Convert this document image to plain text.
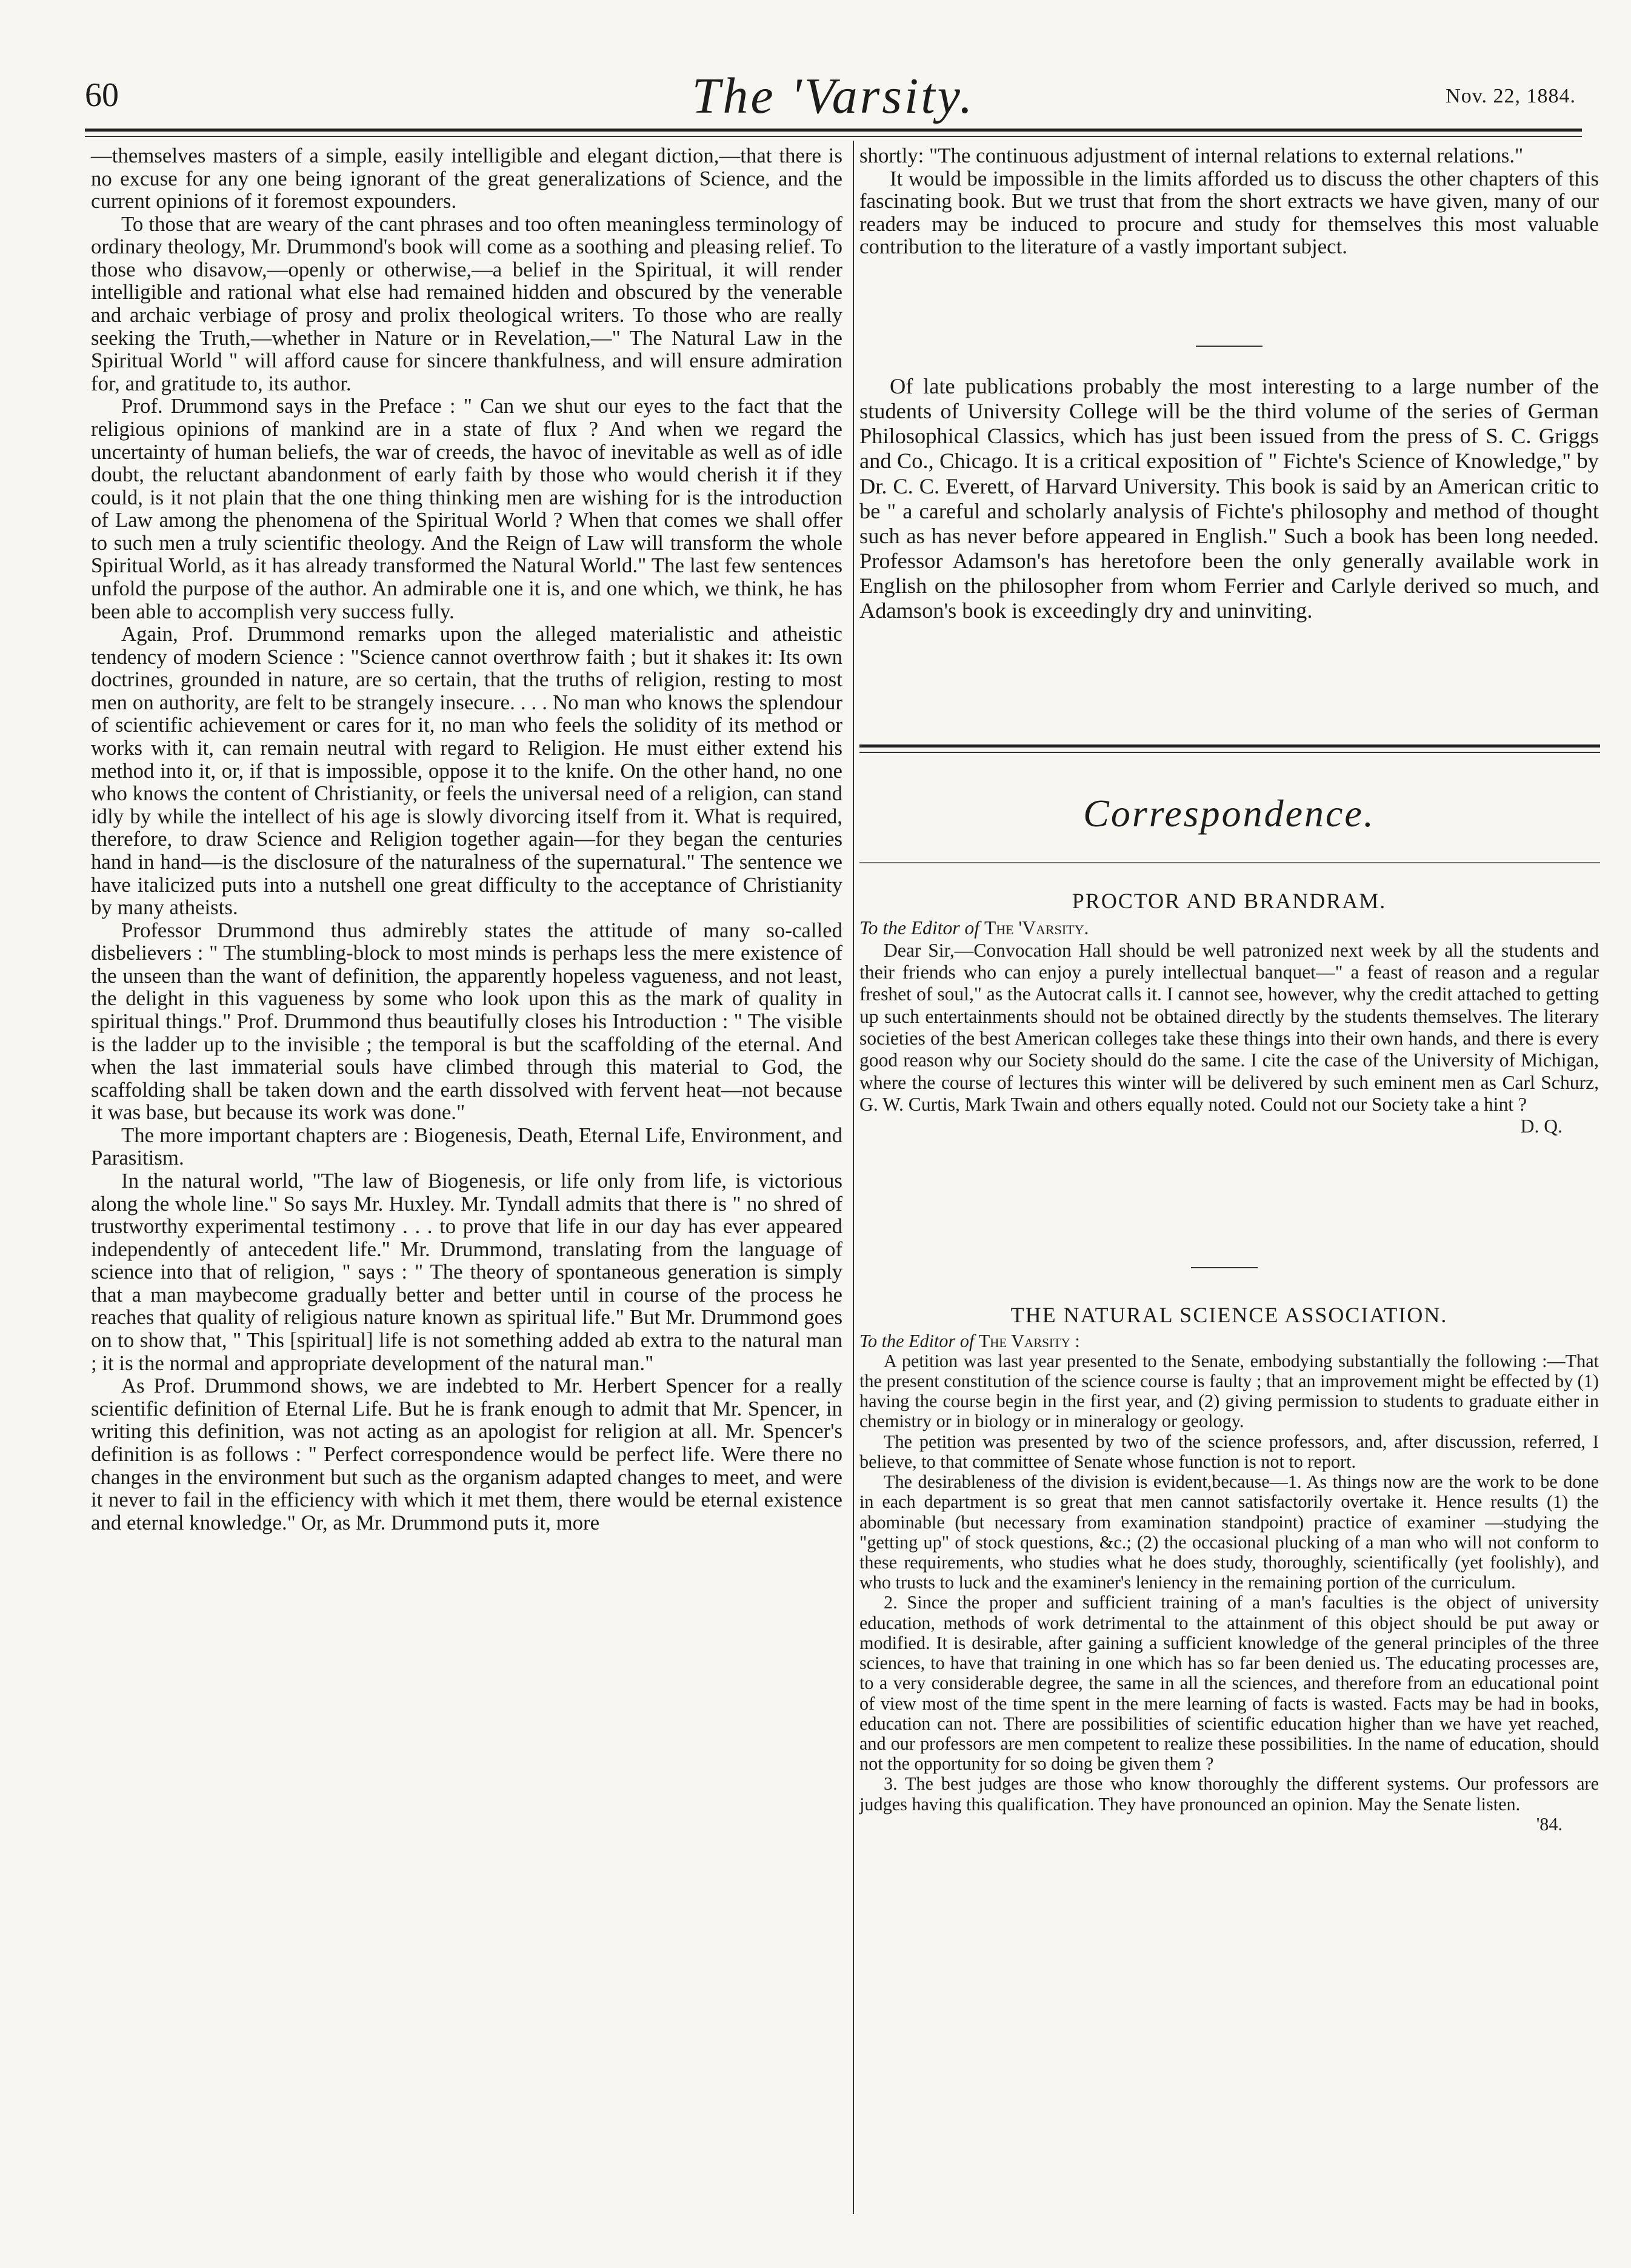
60	The 'Varsity.	Nov. 22, 1884.

—themselves masters of a simple, easily intelligible and elegant diction,—that there is no excuse for any one being ignorant of the great generalizations of Science, and the current opinions of it foremost expounders.

To those that are weary of the cant phrases and too often meaningless terminology of ordinary theology, Mr. Drummond's book will come as a soothing and pleasing relief. To those who disavow,—openly or otherwise,—a belief in the Spiritual, it will render intelligible and rational what else had remained hidden and obscured by the venerable and archaic verbiage of prosy and prolix theological writers. To those who are really seeking the Truth,—whether in Nature or in Revelation,—" The Natural Law in the Spiritual World " will afford cause for sincere thankfulness, and will ensure admiration for, and gratitude to, its author.

Prof. Drummond says in the Preface : " Can we shut our eyes to the fact that the religious opinions of mankind are in a state of flux ? And when we regard the uncertainty of human beliefs, the war of creeds, the havoc of inevitable as well as of idle doubt, the reluctant abandonment of early faith by those who would cherish it if they could, is it not plain that the one thing thinking men are wishing for is the introduction of Law among the phenomena of the Spiritual World ? When that comes we shall offer to such men a truly scientific theology. And the Reign of Law will transform the whole Spiritual World, as it has already transformed the Natural World." The last few sentences unfold the purpose of the author. An admirable one it is, and one which, we think, he has been able to accomplish very success fully.

Again, Prof. Drummond remarks upon the alleged materialistic and atheistic tendency of modern Science : "Science cannot overthrow faith ; but it shakes it: Its own doctrines, grounded in nature, are so certain, that the truths of religion, resting to most men on authority, are felt to be strangely insecure. . . . No man who knows the splendour of scientific achievement or cares for it, no man who feels the solidity of its method or works with it, can remain neutral with regard to Religion. He must either extend his method into it, or, if that is impossible, oppose it to the knife. On the other hand, no one who knows the content of Christianity, or feels the universal need of a religion, can stand idly by while the intellect of his age is slowly divorcing itself from it. What is required, therefore, to draw Science and Religion together again—for they began the centuries hand in hand—is the disclosure of the naturalness of the supernatural." The sentence we have italicized puts into a nutshell one great difficulty to the acceptance of Christianity by many atheists.

Professor Drummond thus admirebly states the attitude of many so-called disbelievers : " The stumbling-block to most minds is perhaps less the mere existence of the unseen than the want of definition, the apparently hopeless vagueness, and not least, the delight in this vagueness by some who look upon this as the mark of quality in spiritual things." Prof. Drummond thus beautifully closes his Introduction : " The visible is the ladder up to the invisible ; the temporal is but the scaffolding of the eternal. And when the last immaterial souls have climbed through this material to God, the scaffolding shall be taken down and the earth dissolved with fervent heat—not because it was base, but because its work was done."

The more important chapters are : Biogenesis, Death, Eternal Life, Environment, and Parasitism.

In the natural world, "The law of Biogenesis, or life only from life, is victorious along the whole line." So says Mr. Huxley. Mr. Tyndall admits that there is " no shred of trustworthy experimental testimony . . . to prove that life in our day has ever appeared independently of antecedent life." Mr. Drummond, translating from the language of science into that of religion, " says : " The theory of spontaneous generation is simply that a man maybecome gradually better and better until in course of the process he reaches that quality of religious nature known as spiritual life." But Mr. Drummond goes on to show that, " This [spiritual] life is not something added ab extra to the natural man ; it is the normal and appropriate development of the natural man."

As Prof. Drummond shows, we are indebted to Mr. Herbert Spencer for a really scientific definition of Eternal Life. But he is frank enough to admit that Mr. Spencer, in writing this definition, was not acting as an apologist for religion at all. Mr. Spencer's definition is as follows : " Perfect correspondence would be perfect life. Were there no changes in the environment but such as the organism adapted changes to meet, and were it never to fail in the efficiency with which it met them, there would be eternal existence and eternal knowledge." Or, as Mr. Drummond puts it, more

shortly: "The continuous adjustment of internal relations to external relations."

It would be impossible in the limits afforded us to discuss the other chapters of this fascinating book. But we trust that from the short extracts we have given, many of our readers may be induced to procure and study for themselves this most valuable contribution to the literature of a vastly important subject.

Of late publications probably the most interesting to a large number of the students of University College will be the third volume of the series of German Philosophical Classics, which has just been issued from the press of S. C. Griggs and Co., Chicago. It is a critical exposition of " Fichte's Science of Knowledge," by Dr. C. C. Everett, of Harvard University. This book is said by an American critic to be " a careful and scholarly analysis of Fichte's philosophy and method of thought such as has never before appeared in English." Such a book has been long needed. Professor Adamson's has heretofore been the only generally available work in English on the philosopher from whom Ferrier and Carlyle derived so much, and Adamson's book is exceedingly dry and uninviting.

Correspondence.
PROCTOR AND BRANDRAM.

To the Editor of The 'Varsity.

Dear Sir,—Convocation Hall should be well patronized next week by all the students and their friends who can enjoy a purely intellectual banquet—" a feast of reason and a regular freshet of soul," as the Autocrat calls it. I cannot see, however, why the credit attached to getting up such entertainments should not be obtained directly by the students themselves. The literary societies of the best American colleges take these things into their own hands, and there is every good reason why our Society should do the same. I cite the case of the University of Michigan, where the course of lectures this winter will be delivered by such eminent men as Carl Schurz, G. W. Curtis, Mark Twain and others equally noted. Could not our Society take a hint ?

D. Q.

THE NATURAL SCIENCE ASSOCIATION.

To the Editor of The Varsity :

A petition was last year presented to the Senate, embodying substantially the following :—That the present constitution of the science course is faulty ; that an improvement might be effected by (1) having the course begin in the first year, and (2) giving permission to students to graduate either in chemistry or in biology or in mineralogy or geology.

The petition was presented by two of the science professors, and, after discussion, referred, I believe, to that committee of Senate whose function is not to report.

The desirableness of the division is evident,because—1. As things now are the work to be done in each department is so great that men cannot satisfactorily overtake it. Hence results (1) the abominable (but necessary from examination standpoint) practice of examiner —studying the "getting up" of stock questions, &c.; (2) the occasional plucking of a man who will not conform to these requirements, who studies what he does study, thoroughly, scientifically (yet foolishly), and who trusts to luck and the examiner's leniency in the remaining portion of the curriculum.

2. Since the proper and sufficient training of a man's faculties is the object of university education, methods of work detrimental to the attainment of this object should be put away or modified. It is desirable, after gaining a sufficient knowledge of the general principles of the three sciences, to have that training in one which has so far been denied us. The educating processes are, to a very considerable degree, the same in all the sciences, and therefore from an educational point of view most of the time spent in the mere learning of facts is wasted. Facts may be had in books, education can not. There are possibilities of scientific education higher than we have yet reached, and our professors are men competent to realize these possibilities. In the name of education, should not the opportunity for so doing be given them ?

3. The best judges are those who know thoroughly the different systems. Our professors are judges having this qualification. They have pronounced an opinion. May the Senate listen.

'84.
